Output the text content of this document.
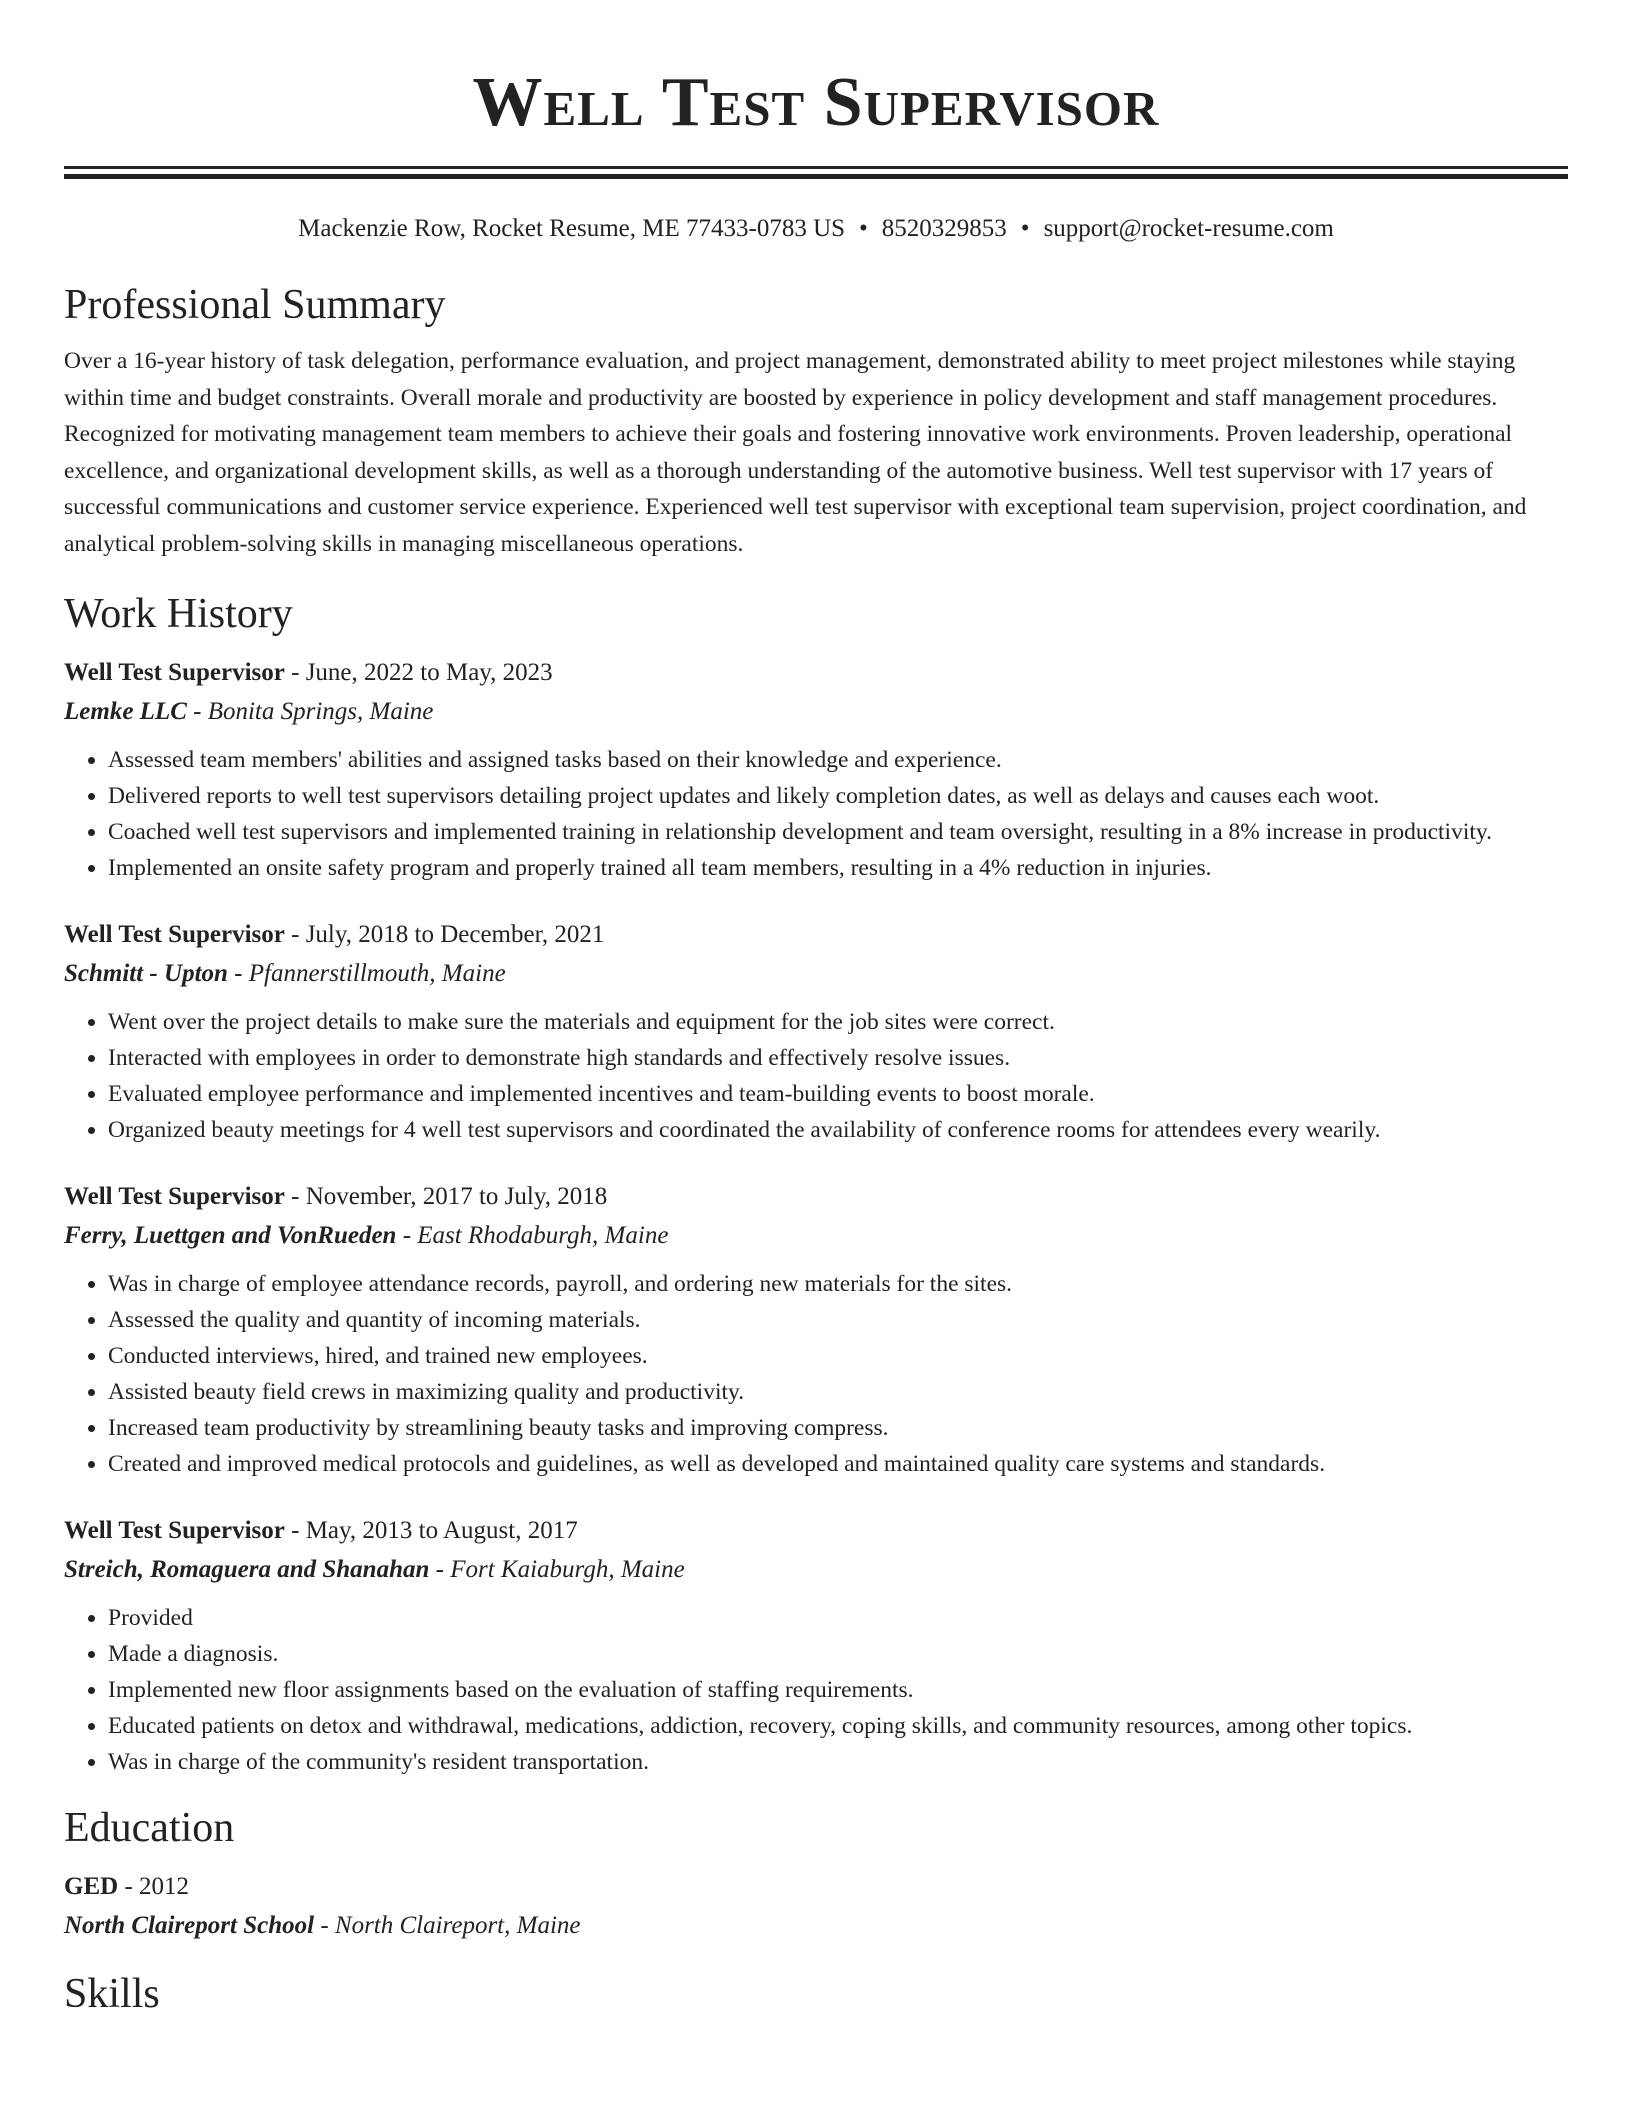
Well Test Supervisor
Mackenzie Row, Rocket Resume, ME 77433-0783 US • 8520329853 • support@rocket-resume.com
Professional Summary

Over a 16-year history of task delegation, performance evaluation, and project management, demonstrated ability to meet project milestones while staying within time and budget constraints. Overall morale and productivity are boosted by experience in policy development and staff management procedures. Recognized for motivating management team members to achieve their goals and fostering innovative work environments. Proven leadership, operational excellence, and organizational development skills, as well as a thorough understanding of the automotive business. Well test supervisor with 17 years of successful communications and customer service experience. Experienced well test supervisor with exceptional team supervision, project coordination, and analytical problem-solving skills in managing miscellaneous operations.

Work History
Well Test Supervisor - June, 2022 to May, 2023
Lemke LLC - Bonita Springs, Maine
• Assessed team members' abilities and assigned tasks based on their knowledge and experience.
• Delivered reports to well test supervisors detailing project updates and likely completion dates, as well as delays and causes each woot.
• Coached well test supervisors and implemented training in relationship development and team oversight, resulting in a 8% increase in productivity.
• Implemented an onsite safety program and properly trained all team members, resulting in a 4% reduction in injuries.
Well Test Supervisor - July, 2018 to December, 2021
Schmitt - Upton - Pfannerstillmouth, Maine
• Went over the project details to make sure the materials and equipment for the job sites were correct.
• Interacted with employees in order to demonstrate high standards and effectively resolve issues.
• Evaluated employee performance and implemented incentives and team-building events to boost morale.
• Organized beauty meetings for 4 well test supervisors and coordinated the availability of conference rooms for attendees every wearily.
Well Test Supervisor - November, 2017 to July, 2018
Ferry, Luettgen and VonRueden - East Rhodaburgh, Maine
• Was in charge of employee attendance records, payroll, and ordering new materials for the sites.
• Assessed the quality and quantity of incoming materials.
• Conducted interviews, hired, and trained new employees.
• Assisted beauty field crews in maximizing quality and productivity.
• Increased team productivity by streamlining beauty tasks and improving compress.
• Created and improved medical protocols and guidelines, as well as developed and maintained quality care systems and standards.
Well Test Supervisor - May, 2013 to August, 2017
Streich, Romaguera and Shanahan - Fort Kaiaburgh, Maine
• Provided
• Made a diagnosis.
• Implemented new floor assignments based on the evaluation of staffing requirements.
• Educated patients on detox and withdrawal, medications, addiction, recovery, coping skills, and community resources, among other topics.
• Was in charge of the community's resident transportation.
Education
GED - 2012
North Claireport School - North Claireport, Maine
Skills
